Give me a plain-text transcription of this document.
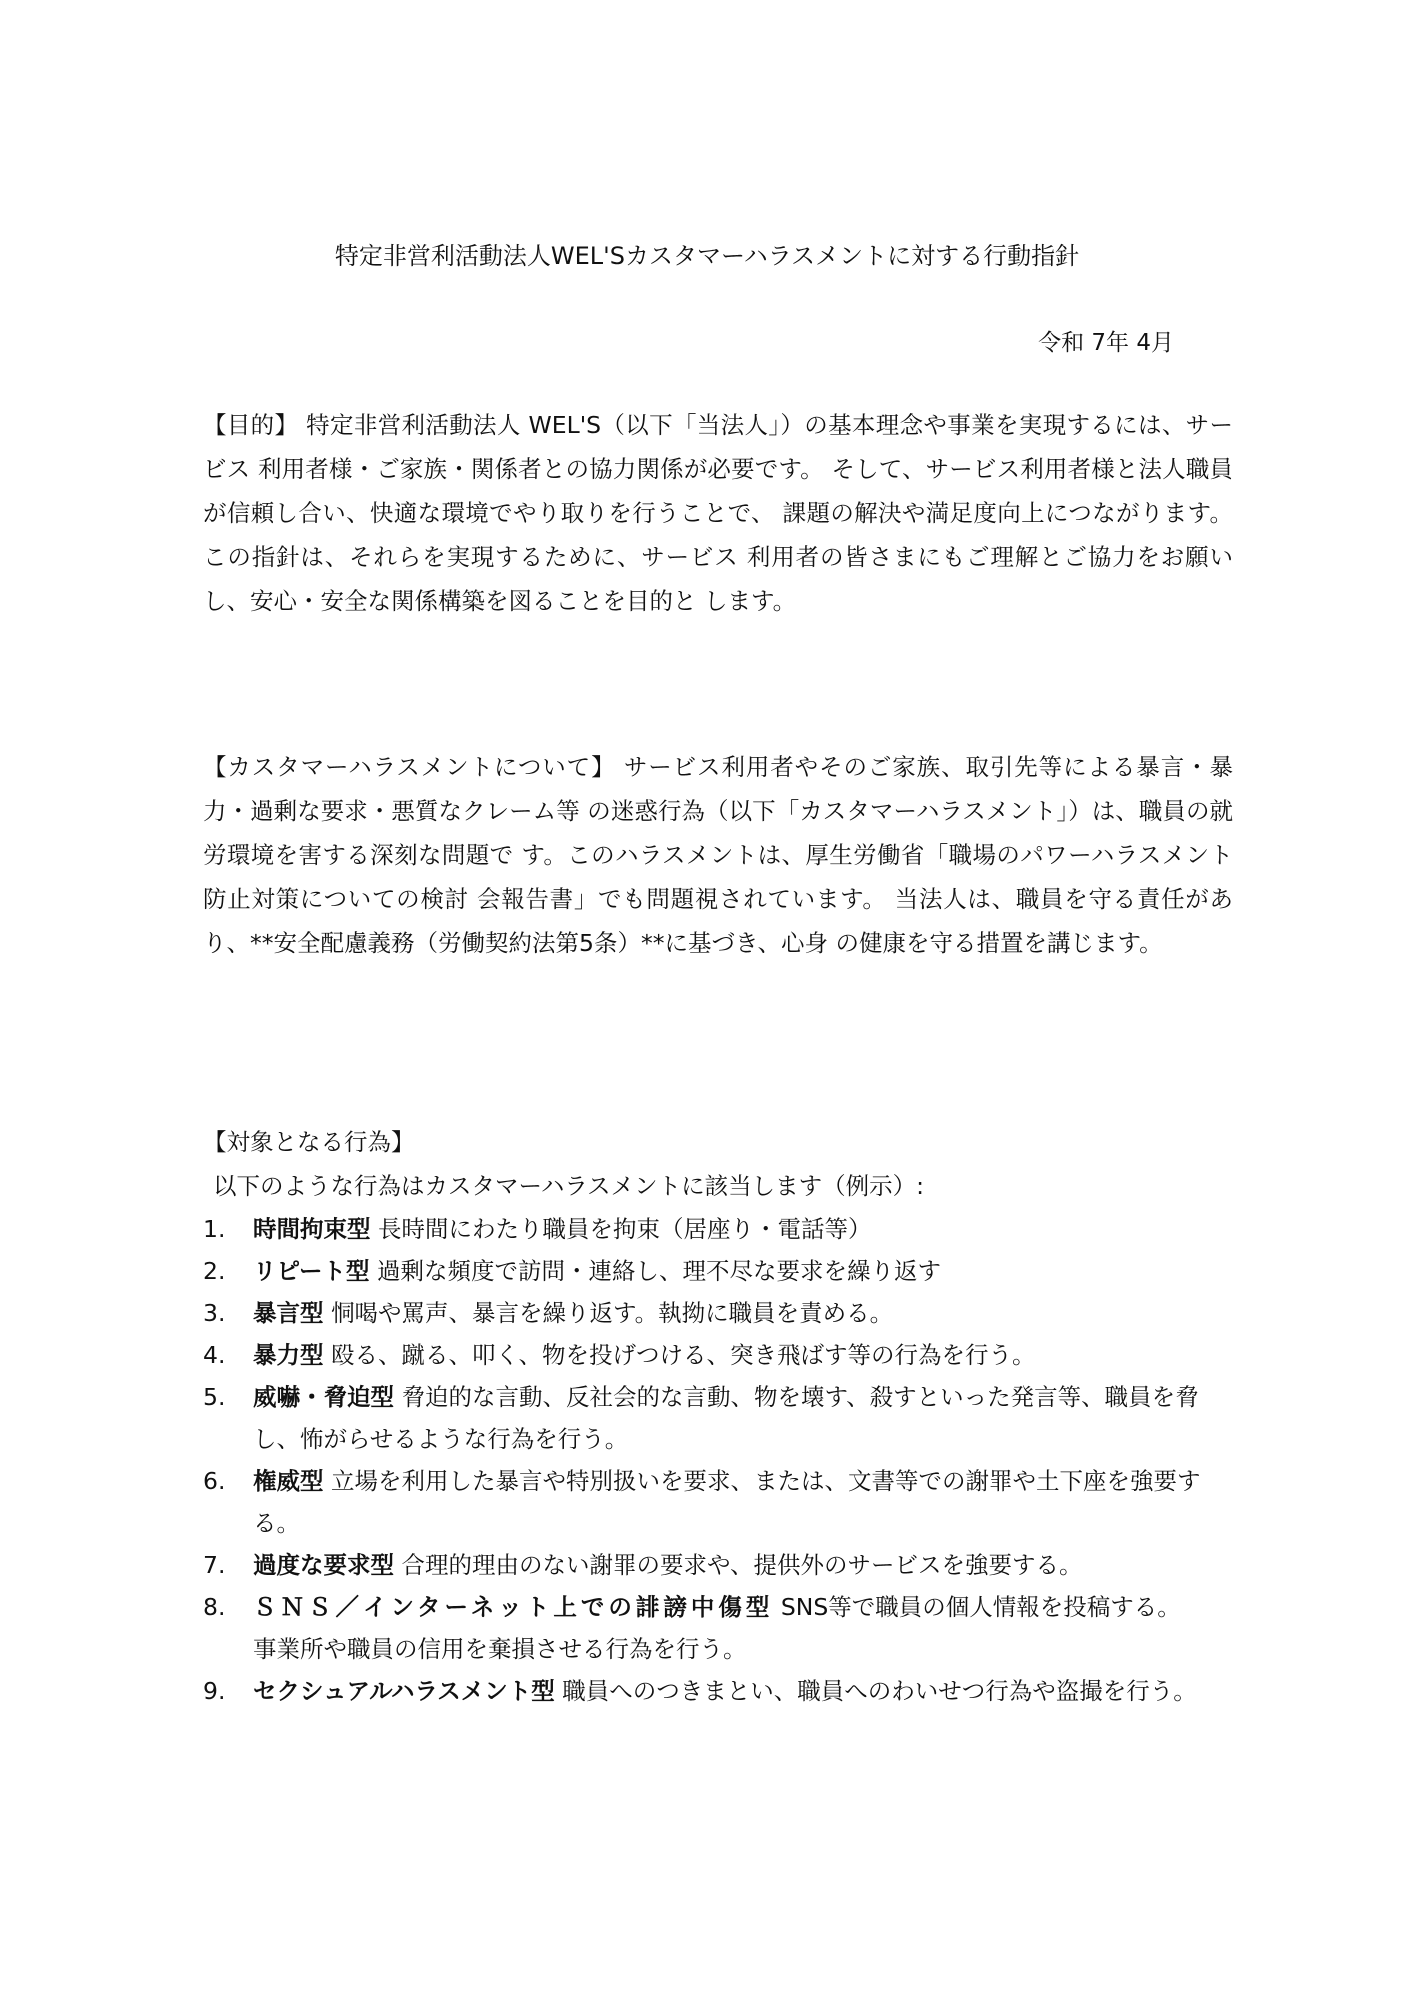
特定非営利活動法人WEL'Sカスタマーハラスメントに対する行動指針
令和 7年 4月

【目的】 特定非営利活動法人 WEL'S（以下「当法人」）の基本理念や事業を実現するには、サービス 利用者様・ご家族・関係者との協力関係が必要です。 そして、サービス利用者様と法人職員が信頼し合い、快適な環境でやり取りを行うことで、 課題の解決や満足度向上につながります。この指針は、それらを実現するために、サービス 利用者の皆さまにもご理解とご協力をお願いし、安心・安全な関係構築を図ることを目的と します。

【カスタマーハラスメントについて】 サービス利用者やそのご家族、取引先等による暴言・暴力・過剰な要求・悪質なクレーム等 の迷惑行為（以下「カスタマーハラスメント」）は、職員の就労環境を害する深刻な問題で す。このハラスメントは、厚生労働省「職場のパワーハラスメント防止対策についての検討 会報告書」でも問題視されています。 当法人は、職員を守る責任があり、**安全配慮義務（労働契約法第5条）**に基づき、心身 の健康を守る措置を講じます。

【対象となる行為】

以下のような行為はカスタマーハラスメントに該当します（例示）:

1. 時間拘束型 長時間にわたり職員を拘束（居座り・電話等）
2. リピート型 過剰な頻度で訪問・連絡し、理不尽な要求を繰り返す
3. 暴言型 恫喝や罵声、暴言を繰り返す。執拗に職員を責める。
4. 暴力型 殴る、蹴る、叩く、物を投げつける、突き飛ばす等の行為を行う。
5. 威嚇・脅迫型 脅迫的な言動、反社会的な言動、物を壊す、殺すといった発言等、職員を脅し、怖がらせるような行為を行う。
6. 権威型 立場を利用した暴言や特別扱いを要求、または、文書等での謝罪や土下座を強要する。
7. 過度な要求型 合理的理由のない謝罪の要求や、提供外のサービスを強要する。
8. ＳＮＳ／インターネット上での誹謗中傷型 SNS等で職員の個人情報を投稿する。事業所や職員の信用を棄損させる行為を行う。
9. セクシュアルハラスメント型 職員へのつきまとい、職員へのわいせつ行為や盗撮を行う。
